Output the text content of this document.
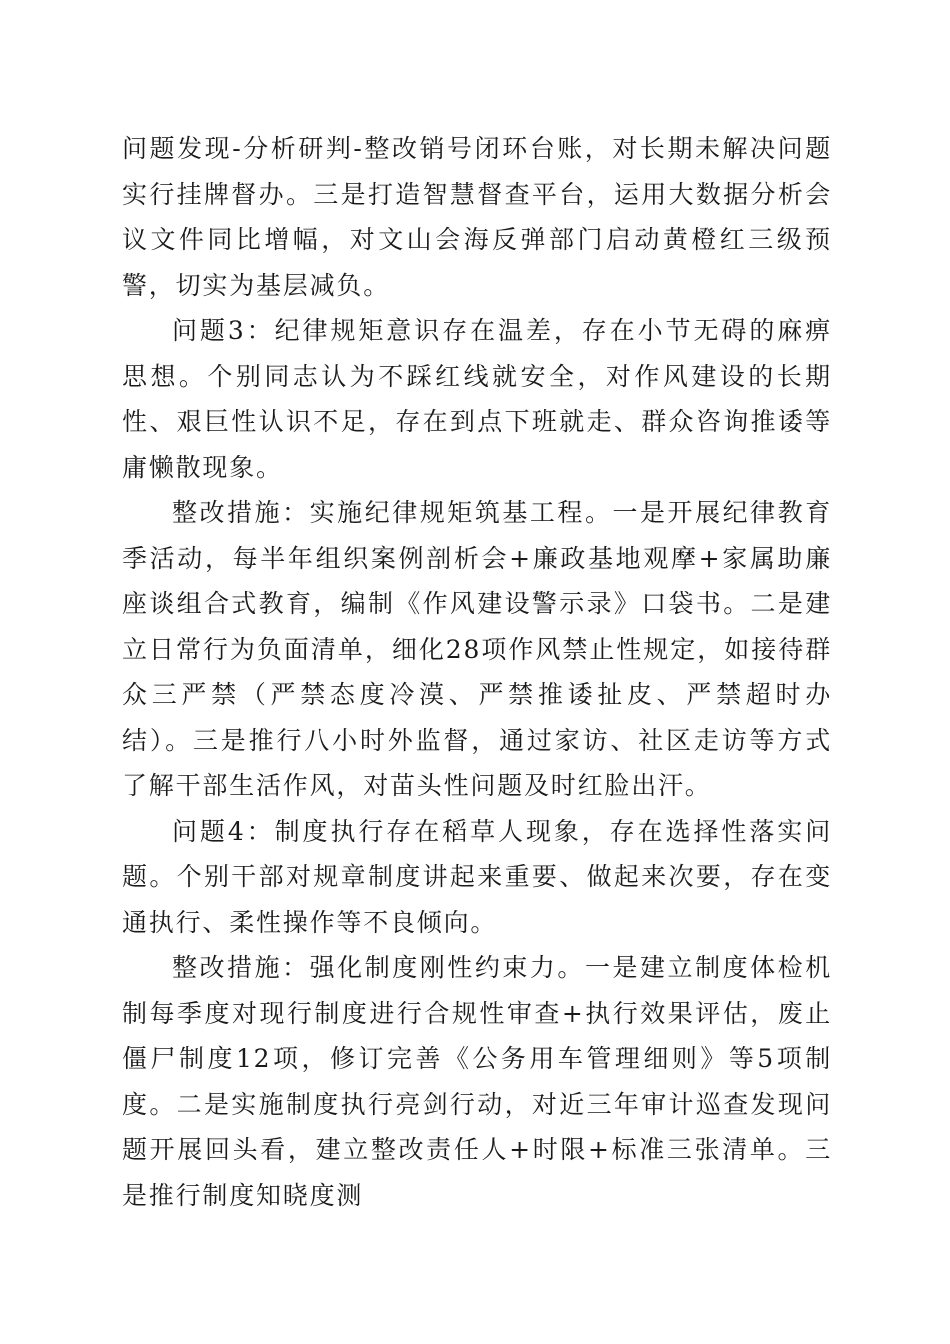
问题发现-分析研判-整改销号闭环台账，对长期未解决问题实行挂牌督办。三是打造智慧督查平台，运用大数据分析会议文件同比增幅，对文山会海反弹部门启动黄橙红三级预警，切实为基层减负。

问题3：纪律规矩意识存在温差，存在小节无碍的麻痹思想。个别同志认为不踩红线就安全，对作风建设的长期性、艰巨性认识不足，存在到点下班就走、群众咨询推诿等庸懒散现象。

整改措施：实施纪律规矩筑基工程。一是开展纪律教育季活动，每半年组织案例剖析会+廉政基地观摩+家属助廉座谈组合式教育，编制《作风建设警示录》口袋书。二是建立日常行为负面清单，细化28项作风禁止性规定，如接待群众三严禁（严禁态度冷漠、严禁推诿扯皮、严禁超时办结）。三是推行八小时外监督，通过家访、社区走访等方式了解干部生活作风，对苗头性问题及时红脸出汗。

问题4：制度执行存在稻草人现象，存在选择性落实问题。个别干部对规章制度讲起来重要、做起来次要，存在变通执行、柔性操作等不良倾向。

整改措施：强化制度刚性约束力。一是建立制度体检机制每季度对现行制度进行合规性审查+执行效果评估，废止僵尸制度12项，修订完善《公务用车管理细则》等5项制度。二是实施制度执行亮剑行动，对近三年审计巡查发现问题开展回头看，建立整改责任人+时限+标准三张清单。三是推行制度知晓度测
